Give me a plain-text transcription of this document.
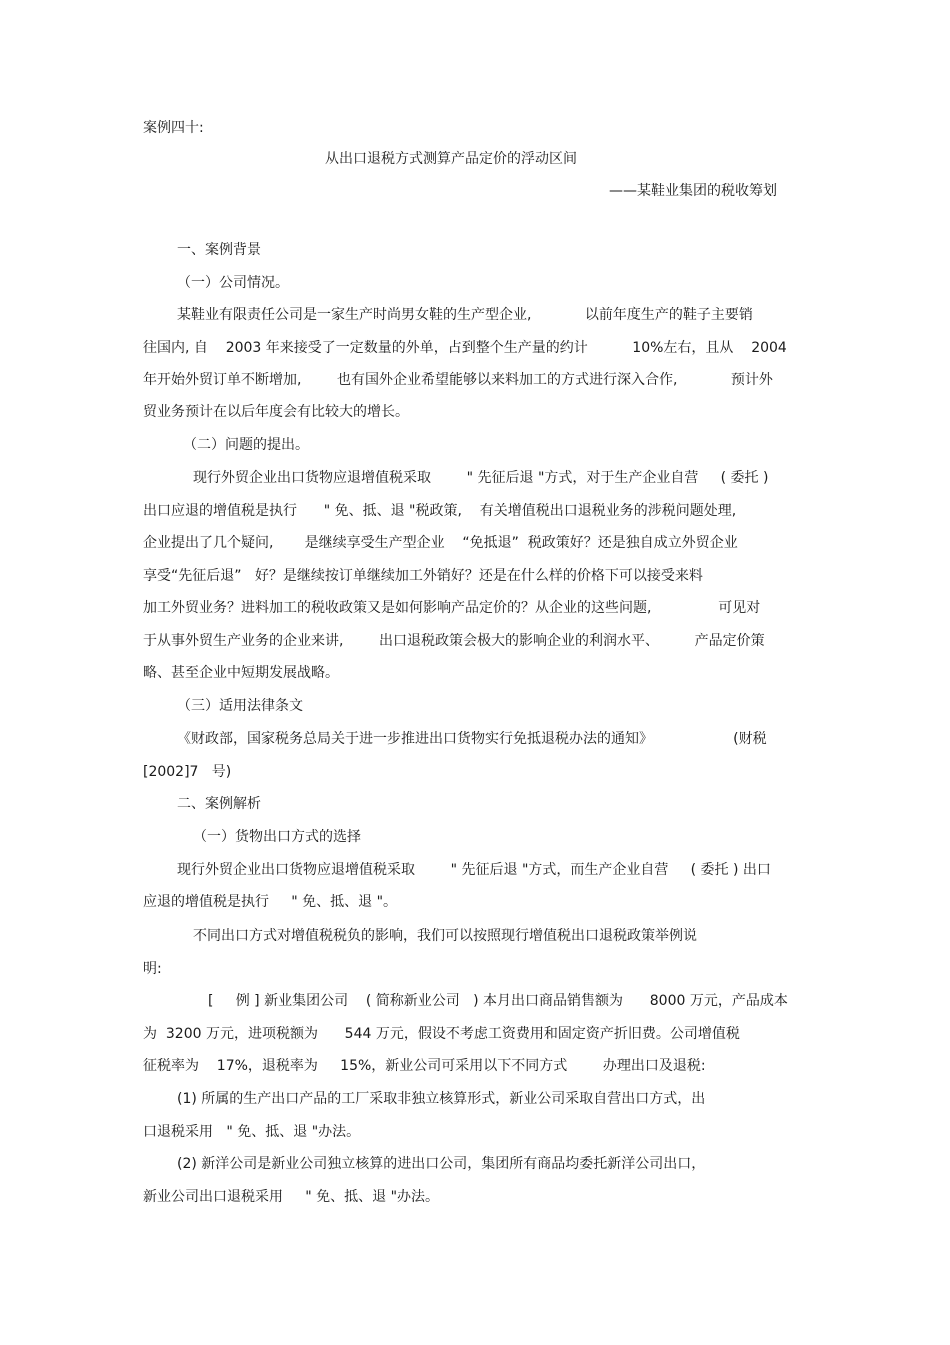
案例四十:
从出口退税方式测算产品定价的浮动区间
——某鞋业集团的税收筹划
一、案例背景
（一）公司情况。
某鞋业有限责任公司是一家生产时尚男女鞋的生产型企业,            以前年度生产的鞋子主要销
往国内, 自    2003 年来接受了一定数量的外单，占到整个生产量的约计          10%左右，且从    2004
年开始外贸订单不断增加,        也有国外企业希望能够以来料加工的方式进行深入合作,            预计外
贸业务预计在以后年度会有比较大的增长。
（二）问题的提出。
现行外贸企业出口货物应退增值税采取        " 先征后退 "方式，对于生产企业自营     ( 委托 )
出口应退的增值税是执行      " 免、抵、退 "税政策,    有关增值税出口退税业务的涉税问题处理,
企业提出了几个疑问,       是继续享受生产型企业    “免抵退”  税政策好？还是独自成立外贸企业
享受“先征后退”   好？是继续按订单继续加工外销好？还是在什么样的价格下可以接受来料
加工外贸业务？进料加工的税收政策又是如何影响产品定价的？从企业的这些问题,               可见对
于从事外贸生产业务的企业来讲,        出口退税政策会极大的影响企业的利润水平、        产品定价策
略、甚至企业中短期发展战略。
（三）适用法律条文
《财政部，国家税务总局关于进一步推进出口货物实行免抵退税办法的通知》                  (财税
[2002]7   号)
二、案例解析
（一）货物出口方式的选择
现行外贸企业出口货物应退增值税采取        " 先征后退 "方式，而生产企业自营     ( 委托 ) 出口
应退的增值税是执行     " 免、抵、退 "。
不同出口方式对增值税税负的影响，我们可以按照现行增值税出口退税政策举例说
明:
[     例 ] 新业集团公司    ( 简称新业公司   ) 本月出口商品销售额为      8000 万元，产品成本
为  3200 万元，进项税额为      544 万元，假设不考虑工资费用和固定资产折旧费。公司增值税
征税率为    17%，退税率为     15%，新业公司可采用以下不同方式        办理出口及退税:
(1) 所属的生产出口产品的工厂采取非独立核算形式，新业公司采取自营出口方式，出
口退税采用   " 免、抵、退 "办法。
(2) 新洋公司是新业公司独立核算的进出口公司，集团所有商品均委托新洋公司出口，
新业公司出口退税采用     " 免、抵、退 "办法。
